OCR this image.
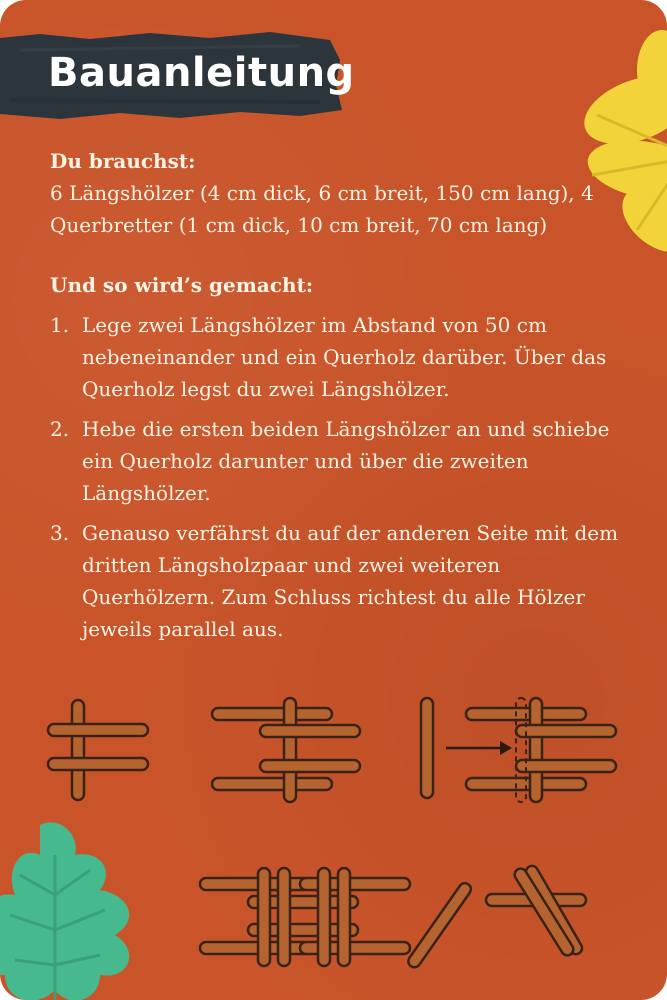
Bauanleitung

Du brauchst:

6 Längshölzer (4 cm dick, 6 cm breit, 150 cm lang), 4 Querbretter (1 cm dick, 10 cm breit, 70 cm lang)

Und so wird’s gemacht:

1. Lege zwei Längshölzer im Abstand von 50 cm nebeneinander und ein Querholz darüber. Über das Querholz legst du zwei Längshölzer.
2. Hebe die ersten beiden Längshölzer an und schiebe ein Querholz darunter und über die zweiten Längshölzer.
3. Genauso verfährst du auf der anderen Seite mit dem dritten Längsholzpaar und zwei weiteren Querhölzern. Zum Schluss richtest du alle Hölzer jeweils parallel aus.
